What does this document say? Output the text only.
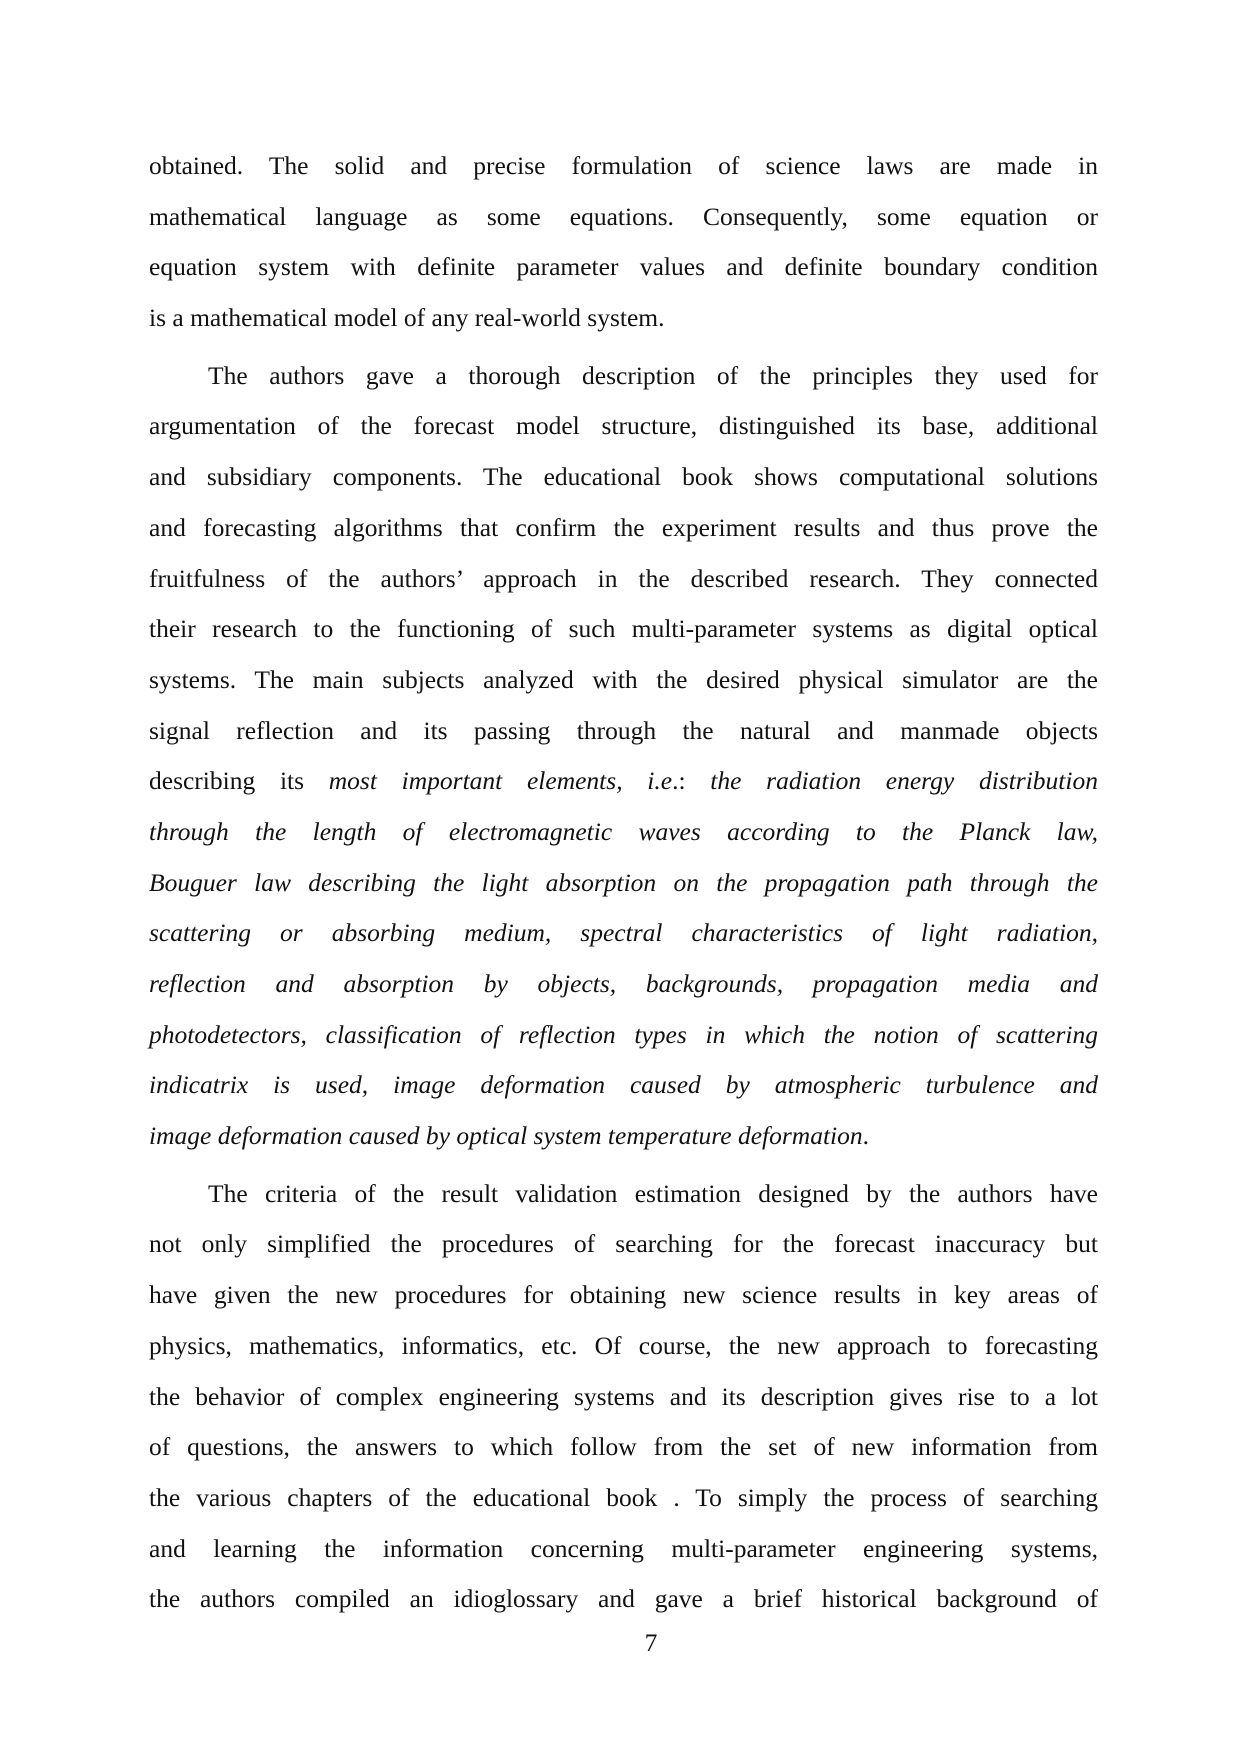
obtained. The solid and precise formulation of science laws are made in
mathematical language as some equations. Consequently, some equation or
equation system with definite parameter values and definite boundary condition
is a mathematical model of any real-world system.
The authors gave a thorough description of the principles they used for
argumentation of the forecast model structure, distinguished its base, additional
and subsidiary components. The educational book shows computational solutions
and forecasting algorithms that confirm the experiment results and thus prove the
fruitfulness of the authors’ approach in the described research. They connected
their research to the functioning of such multi-parameter systems as digital optical
systems. The main subjects analyzed with the desired physical simulator are the
signal reflection and its passing through the natural and manmade objects
describing its most important elements, i.e.: the radiation energy distribution
through the length of electromagnetic waves according to the Planck law,
Bouguer law describing the light absorption on the propagation path through the
scattering or absorbing medium, spectral characteristics of light radiation,
reflection and absorption by objects, backgrounds, propagation media and
photodetectors, classification of reflection types in which the notion of scattering
indicatrix is used, image deformation caused by atmospheric turbulence and
image deformation caused by optical system temperature deformation.
The criteria of the result validation estimation designed by the authors have
not only simplified the procedures of searching for the forecast inaccuracy but
have given the new procedures for obtaining new science results in key areas of
physics, mathematics, informatics, etc. Of course, the new approach to forecasting
the behavior of complex engineering systems and its description gives rise to a lot
of questions, the answers to which follow from the set of new information from
the various chapters of the educational book . To simply the process of searching
and learning the information concerning multi-parameter engineering systems,
the authors compiled an idioglossary and gave a brief historical background of
7
